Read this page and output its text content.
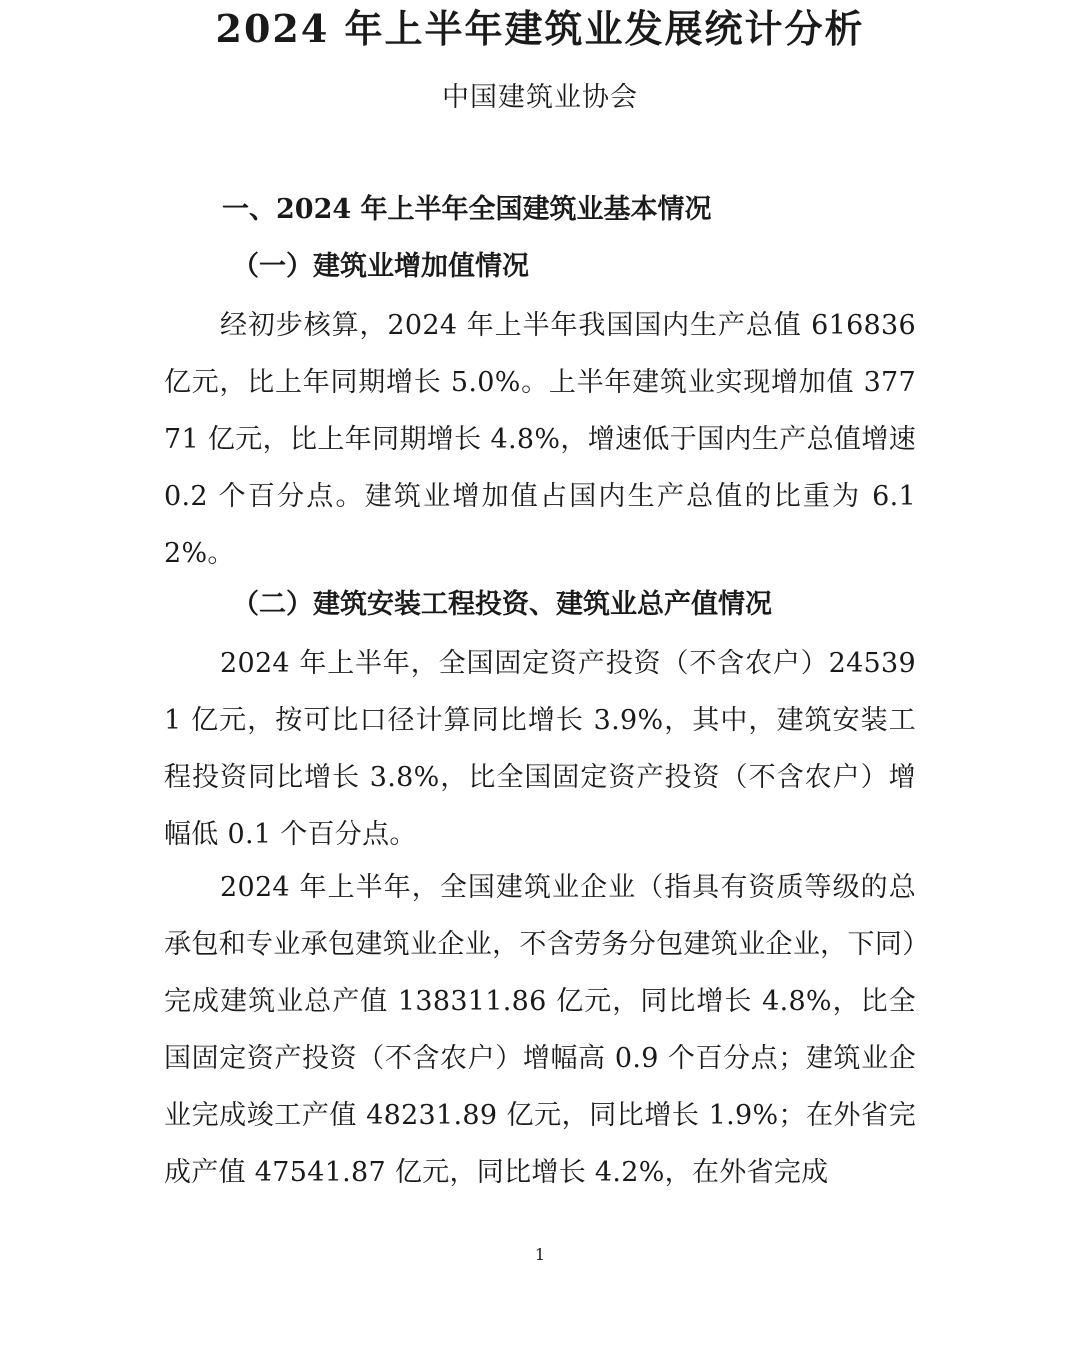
2024 年上半年建筑业发展统计分析
中国建筑业协会
一、2024 年上半年全国建筑业基本情况
（一）建筑业增加值情况

经初步核算，2024 年上半年我国国内生产总值 616836 亿元，比上年同期增长 5.0%。上半年建筑业实现增加值 37771 亿元，比上年同期增长 4.8%，增速低于国内生产总值增速 0.2 个百分点。建筑业增加值占国内生产总值的比重为 6.12%。

（二）建筑安装工程投资、建筑业总产值情况

2024 年上半年，全国固定资产投资（不含农户）245391 亿元，按可比口径计算同比增长 3.9%，其中，建筑安装工程投资同比增长 3.8%，比全国固定资产投资（不含农户）增幅低 0.1 个百分点。

2024 年上半年，全国建筑业企业（指具有资质等级的总承包和专业承包建筑业企业，不含劳务分包建筑业企业，下同）完成建筑业总产值 138311.86 亿元，同比增长 4.8%，比全国固定资产投资（不含农户）增幅高 0.9 个百分点；建筑业企业完成竣工产值 48231.89 亿元，同比增长 1.9%；在外省完成产值 47541.87 亿元，同比增长 4.2%，在外省完成

1
